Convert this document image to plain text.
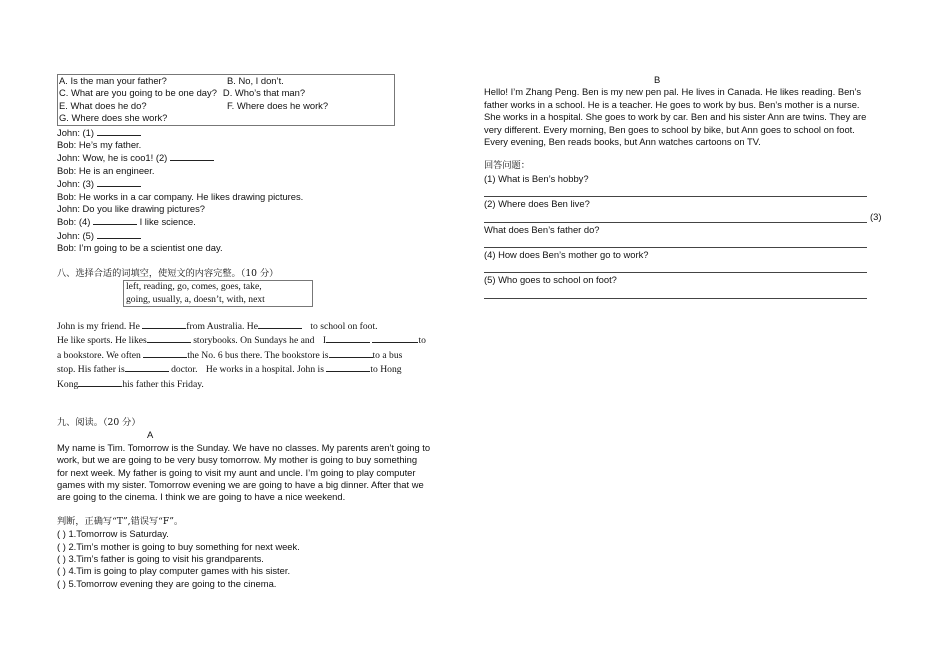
A. Is the man your father?	B. No, I don’t.
C. What are you going to be one day? D. Who’s that man?
E. What does he do?	F. Where does he work?
G. Where does she work?
John: (1)
Bob: He’s my father.
John: Wow, he is coo1! (2)
Bob: He is an engineer.
John: (3)
Bob: He works in a car company. He likes drawing pictures.
John: Do you like drawing pictures?
Bob: (4)	I like science.
John: (5)
Bob: I’m going to be a scientist one day.
八、选择合适的词填空，使短文的内容完整。（10 分）
left, reading, go, comes, goes, take,
going, usually, a, doesn’t, with, next
John is my friend. He	from Australia. He	to school on foot.
He like sports. He likes	storybooks. On Sundays he and I	to
a bookstore. We often	the No. 6 bus there. The bookstore is	to a bus
stop. His father is	doctor. He works in a hospital. John is	to Hong
Kong	his father this Friday.
九、阅读。（20 分）
A
My name is Tim. Tomorrow is the Sunday. We have no classes. My parents aren’t going to
work, but we are going to be very busy tomorrow. My mother is going to buy something
for next week. My father is going to visit my aunt and uncle. I’m going to play computer
games with my sister. Tomorrow evening we are going to have a big dinner. After that we
are going to the cinema. I think we are going to have a nice weekend.
判断，正确写“T”,错误写“F”。
( ) 1.Tomorrow is Saturday.
( ) 2.Tim’s mother is going to buy something for next week.
( ) 3.Tim’s father is going to visit his grandparents.
( ) 4.Tim is going to play computer games with his sister.
( ) 5.Tomorrow evening they are going to the cinema.
B
Hello! I’m Zhang Peng. Ben is my new pen pal. He lives in Canada. He likes reading. Ben’s
father works in a school. He is a teacher. He goes to work by bus. Ben’s mother is a nurse.
She works in a hospital. She goes to work by car. Ben and his sister Ann are twins. They are
very different. Every morning, Ben goes to school by bike, but Ann goes to school on foot.
Every evening, Ben reads books, but Ann watches cartoons on TV.
回答问题：
(1) What is Ben’s hobby?
(2) Where does Ben live?
(3)
What does Ben’s father do?
(4) How does Ben’s mother go to work?
(5) Who goes to school on foot?
